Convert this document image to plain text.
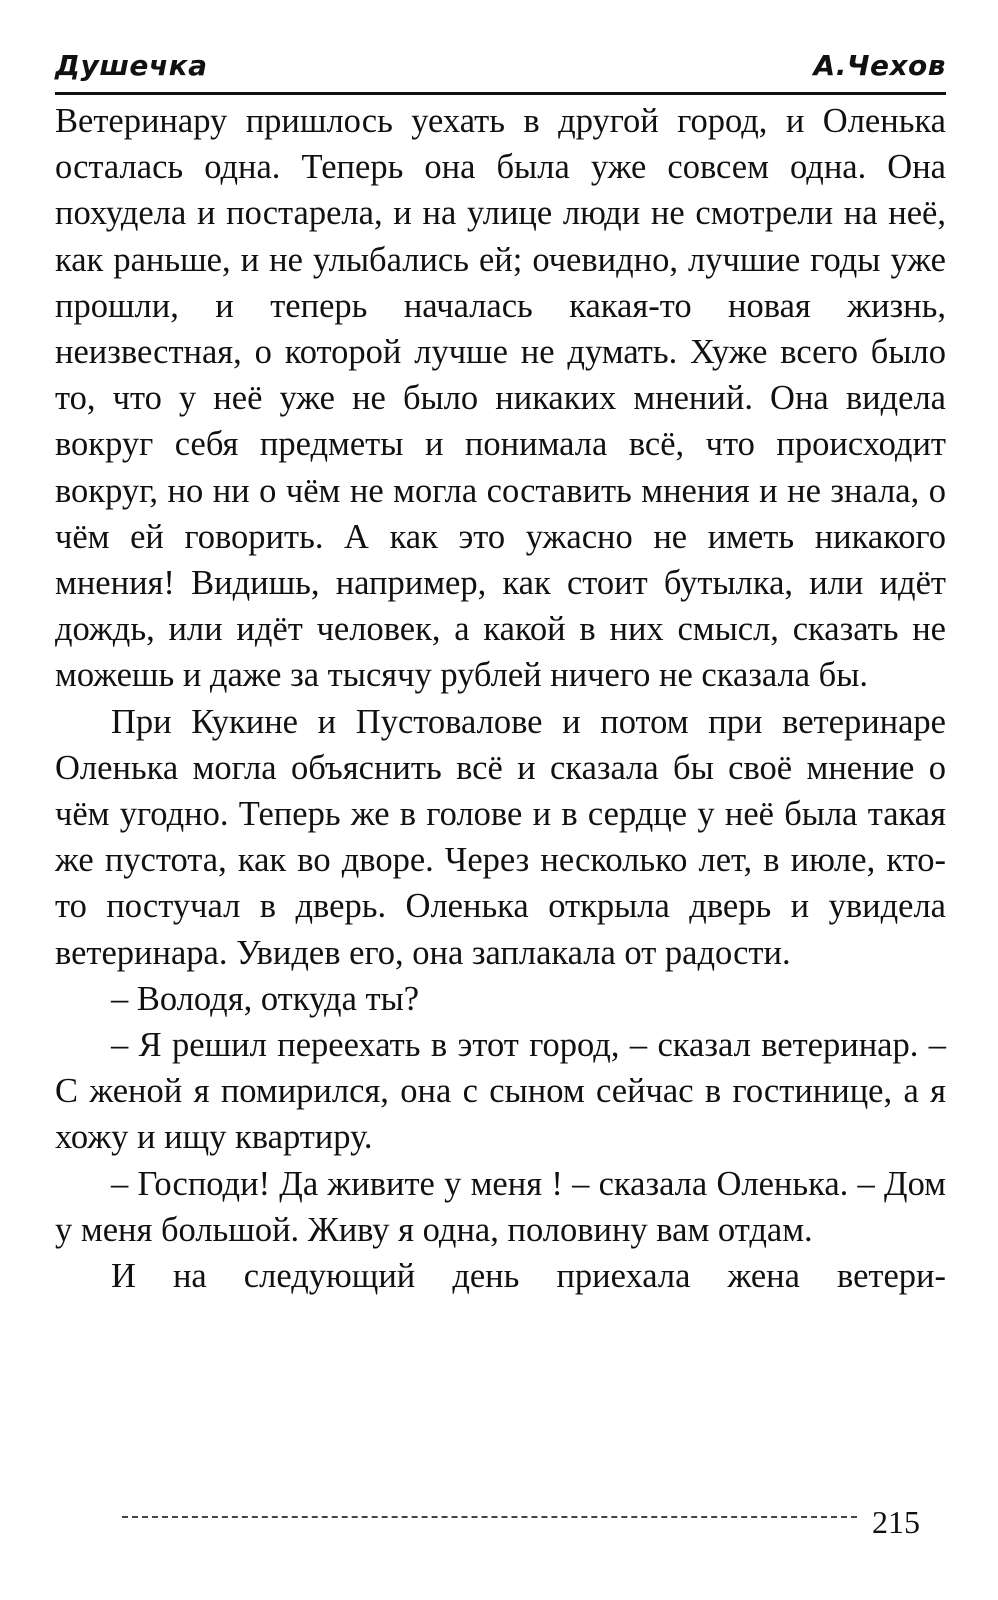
Душечка	А.Чехов

Ветеринару пришлось уехать в другой город, и Оленька осталась одна. Теперь она была уже совсем одна. Она похудела и постарела, и на улице люди не смотрели на неё, как раньше, и не улыбались ей; очевидно, лучшие годы уже прошли, и теперь началась какая-то новая жизнь, неизвестная, о которой лучше не думать. Хуже всего было то, что у неё уже не было никаких мнений. Она видела вокруг себя предметы и понимала всё, что происходит вокруг, но ни о чём не могла составить мнения и не знала, о чём ей говорить. А как это ужасно не иметь никакого мнения! Видишь, например, как стоит бутылка, или идёт дождь, или идёт человек, а какой в них смысл, сказать не можешь и даже за тысячу рублей ничего не сказала бы.

При Кукине и Пустовалове и потом при ветеринаре Оленька могла объяснить всё и сказала бы своё мнение о чём угодно. Теперь же в голове и в сердце у неё была такая же пустота, как во дворе. Через несколько лет, в июле, кто-то постучал в дверь. Оленька открыла дверь и увидела ветеринара. Увидев его, она заплакала от радости.

– Володя, откуда ты?

– Я решил переехать в этот город, – сказал ветеринар. – С женой я помирился, она с сыном сейчас в гостинице, а я хожу и ищу квартиру.

– Господи! Да живите у меня ! – сказала Оленька. – Дом у меня большой. Живу я одна, половину вам отдам.

И на следующий день приехала жена ветери-

215
